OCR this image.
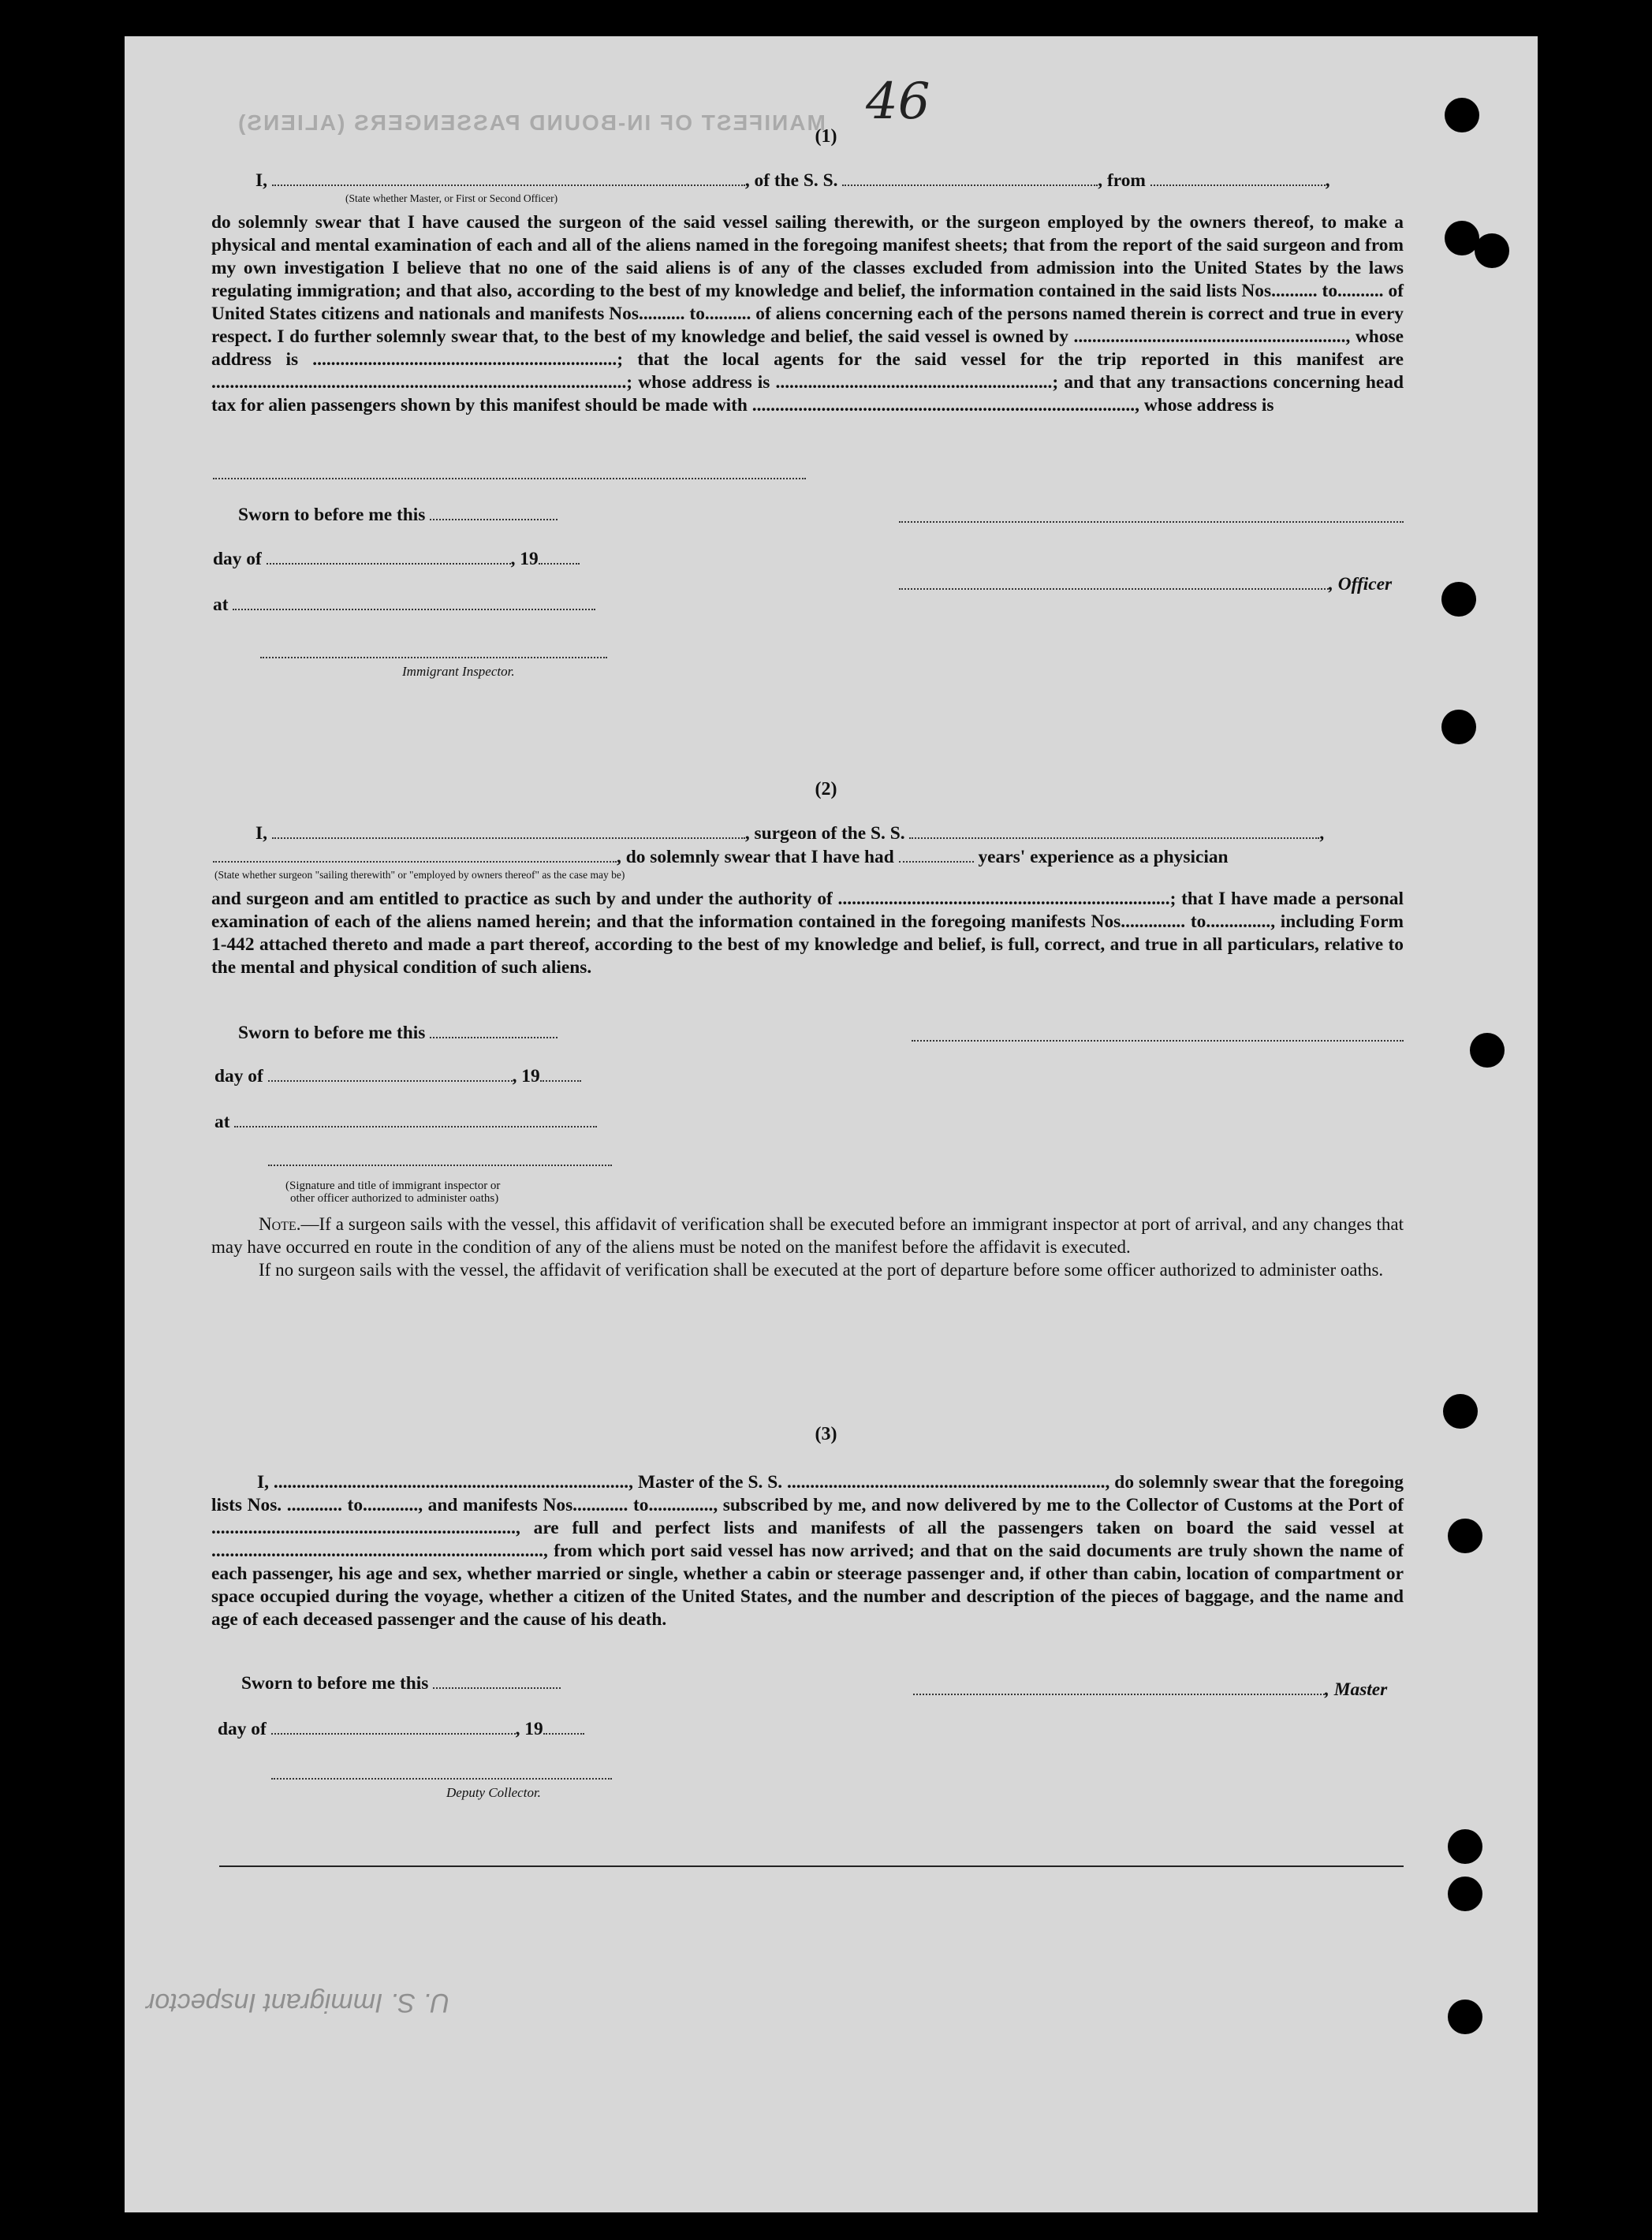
MANIFEST OF IN-BOUND PASSENGERS (ALIENS) 46
(1)
I,	, of the S. S.	, from	,
(State whether Master, or First or Second Officer)

do solemnly swear that I have caused the surgeon of the said vessel sailing therewith, or the surgeon employed by the owners thereof, to make a physical and mental examination of each and all of the aliens named in the foregoing manifest sheets; that from the report of the said surgeon and from my own investigation I believe that no one of the said aliens is of any of the classes excluded from admission into the United States by the laws regulating immigration; and that also, according to the best of my knowledge and belief, the information contained in the said lists Nos.......... to.......... of United States citizens and nationals and manifests Nos.......... to.......... of aliens concerning each of the persons named therein is correct and true in every respect. I do further solemnly swear that, to the best of my knowledge and belief, the said vessel is owned by ..........................................................., whose address is ..................................................................; that the local agents for the said vessel for the trip reported in this manifest are ..........................................................................................; whose address is ............................................................; and that any transactions concerning head tax for alien passengers shown by this manifest should be made with ..................................................................................., whose address is

Sworn to before me this
day of	, 19
, Officer
at
Immigrant Inspector.
(2)
I,	, surgeon of the S. S.	,
, do solemnly swear that I have had	years' experience as a physician
(State whether surgeon "sailing therewith" or "employed by owners thereof" as the case may be)

and surgeon and am entitled to practice as such by and under the authority of ........................................................................; that I have made a personal examination of each of the aliens named herein; and that the information contained in the foregoing manifests Nos.............. to.............., including Form 1-442 attached thereto and made a part thereof, according to the best of my knowledge and belief, is full, correct, and true in all particulars, relative to the mental and physical condition of such aliens.

Sworn to before me this
day of	, 19
at
(Signature and title of immigrant inspector or
other officer authorized to administer oaths)

Note.—If a surgeon sails with the vessel, this affidavit of verification shall be executed before an immigrant inspector at port of arrival, and any changes that may have occurred en route in the condition of any of the aliens must be noted on the manifest before the affidavit is executed.

If no surgeon sails with the vessel, the affidavit of verification shall be executed at the port of departure before some officer authorized to administer oaths.

(3)

I, ............................................................................., Master of the S. S. ....................................................................., do solemnly swear that the foregoing lists Nos. ............ to............, and manifests Nos............ to.............., subscribed by me, and now delivered by me to the Collector of Customs at the Port of .................................................................., are full and perfect lists and manifests of all the passengers taken on board the said vessel at ........................................................................, from which port said vessel has now arrived; and that on the said documents are truly shown the name of each passenger, his age and sex, whether married or single, whether a cabin or steerage passenger and, if other than cabin, location of compartment or space occupied during the voyage, whether a citizen of the United States, and the number and description of the pieces of baggage, and the name and age of each deceased passenger and the cause of his death.

Sworn to before me this	, Master
day of	, 19
Deputy Collector.
U. S. Immigrant Inspector
